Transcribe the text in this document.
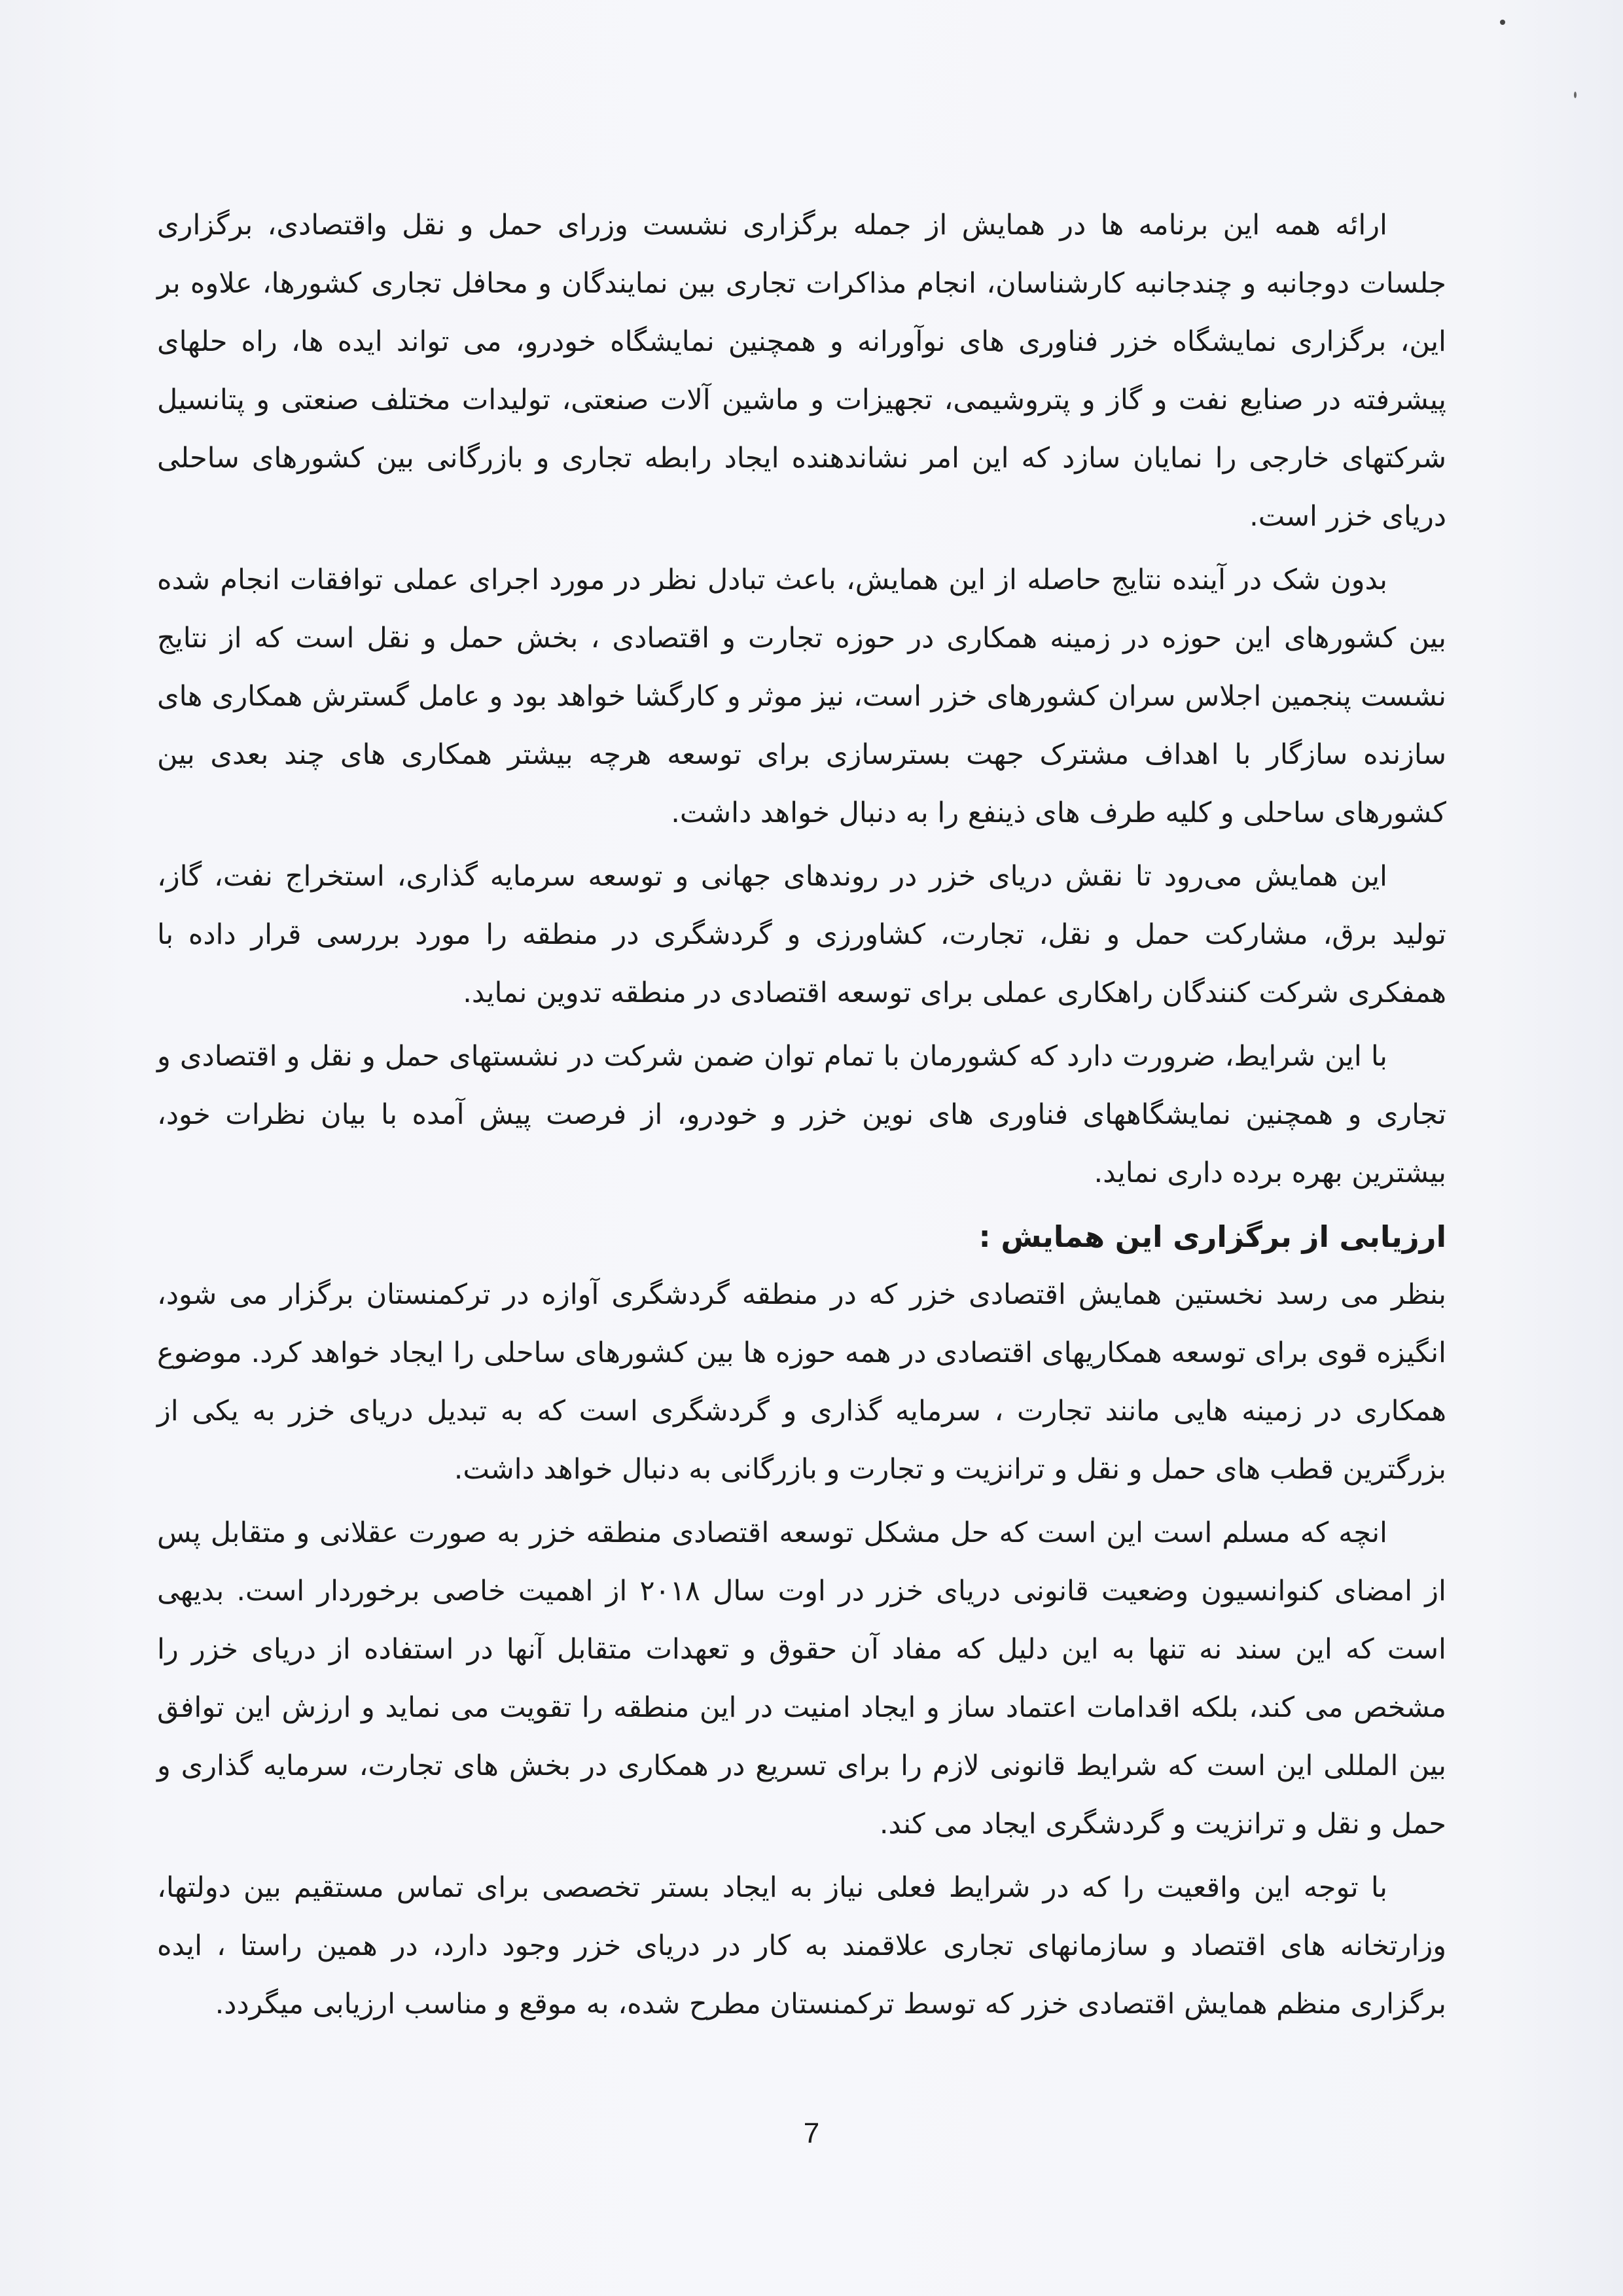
ارائه همه این برنامه ها در همایش از جمله برگزاری نشست وزرای حمل و نقل واقتصادی، برگزاری جلسات دوجانبه و چندجانبه کارشناسان، انجام مذاکرات تجاری بین نمایندگان و محافل تجاری کشورها، علاوه بر این، برگزاری نمایشگاه خزر فناوری های نوآورانه و همچنین نمایشگاه خودرو، می تواند ایده ها، راه حلهای پیشرفته در صنایع نفت و گاز و پتروشیمی، تجهیزات و ماشین آلات صنعتی، تولیدات مختلف صنعتی و پتانسیل شرکتهای خارجی را نمایان سازد که این امر نشاندهنده ایجاد رابطه تجاری و بازرگانی بین کشورهای ساحلی دریای خزر است.

بدون شک در آینده نتایج حاصله از این همایش، باعث تبادل نظر در مورد اجرای عملی توافقات انجام شده بین کشورهای این حوزه در زمینه همکاری در حوزه تجارت و اقتصادی ، بخش حمل و نقل است که از نتایج نشست پنجمین اجلاس سران کشورهای خزر است، نیز موثر و کارگشا خواهد بود و عامل گسترش همکاری های سازنده سازگار با اهداف مشترک جهت بسترسازی برای توسعه هرچه بیشتر همکاری های چند بعدی بین کشورهای ساحلی و کلیه طرف های ذینفع را به دنبال خواهد داشت.

این همایش می‌رود تا نقش دریای خزر در روندهای جهانی و توسعه سرمایه گذاری، استخراج نفت، گاز، تولید برق، مشارکت حمل و نقل، تجارت، کشاورزی و گردشگری در منطقه را مورد بررسی قرار داده با همفکری شرکت کنندگان راهکاری عملی برای توسعه اقتصادی در منطقه تدوین نماید.

با این شرایط، ضرورت دارد که کشورمان با تمام توان ضمن شرکت در نشستهای حمل و نقل و اقتصادی و تجاری و همچنین نمایشگاههای فناوری های نوین خزر و خودرو، از فرصت پیش آمده با بیان نظرات خود، بیشترین بهره برده داری نماید.

ارزیابی از برگزاری این همایش :

بنظر می رسد نخستین همایش اقتصادی خزر که در منطقه گردشگری آوازه در ترکمنستان برگزار می شود، انگیزه قوی برای توسعه همکاریهای اقتصادی در همه حوزه ها بین کشورهای ساحلی را ایجاد خواهد کرد. موضوع همکاری در زمینه هایی مانند تجارت ، سرمایه گذاری و گردشگری است که به تبدیل دریای خزر به یکی از بزرگترین قطب های حمل و نقل و ترانزیت و تجارت و بازرگانی به دنبال خواهد داشت.

انچه که مسلم است این است که حل مشکل توسعه اقتصادی منطقه خزر به صورت عقلانی و متقابل پس از امضای کنوانسیون وضعیت قانونی دریای خزر در اوت سال ۲۰۱۸ از اهمیت خاصی برخوردار است. بدیهی است که این سند نه تنها به این دلیل که مفاد آن حقوق و تعهدات متقابل آنها در استفاده از دریای خزر را مشخص می کند، بلکه اقدامات اعتماد ساز و ایجاد امنیت در این منطقه را تقویت می نماید و ارزش این توافق بین المللی این است که شرایط قانونی لازم را برای تسریع در همکاری در بخش های تجارت، سرمایه گذاری و حمل و نقل و ترانزیت و گردشگری ایجاد می کند.

با توجه این واقعیت را که در شرایط فعلی نیاز به ایجاد بستر تخصصی برای تماس مستقیم بین دولتها، وزارتخانه های اقتصاد و سازمانهای تجاری علاقمند به کار در دریای خزر وجود دارد، در همین راستا ، ایده برگزاری منظم همایش اقتصادی خزر که توسط ترکمنستان مطرح شده، به موقع و مناسب ارزیابی میگردد.

7
